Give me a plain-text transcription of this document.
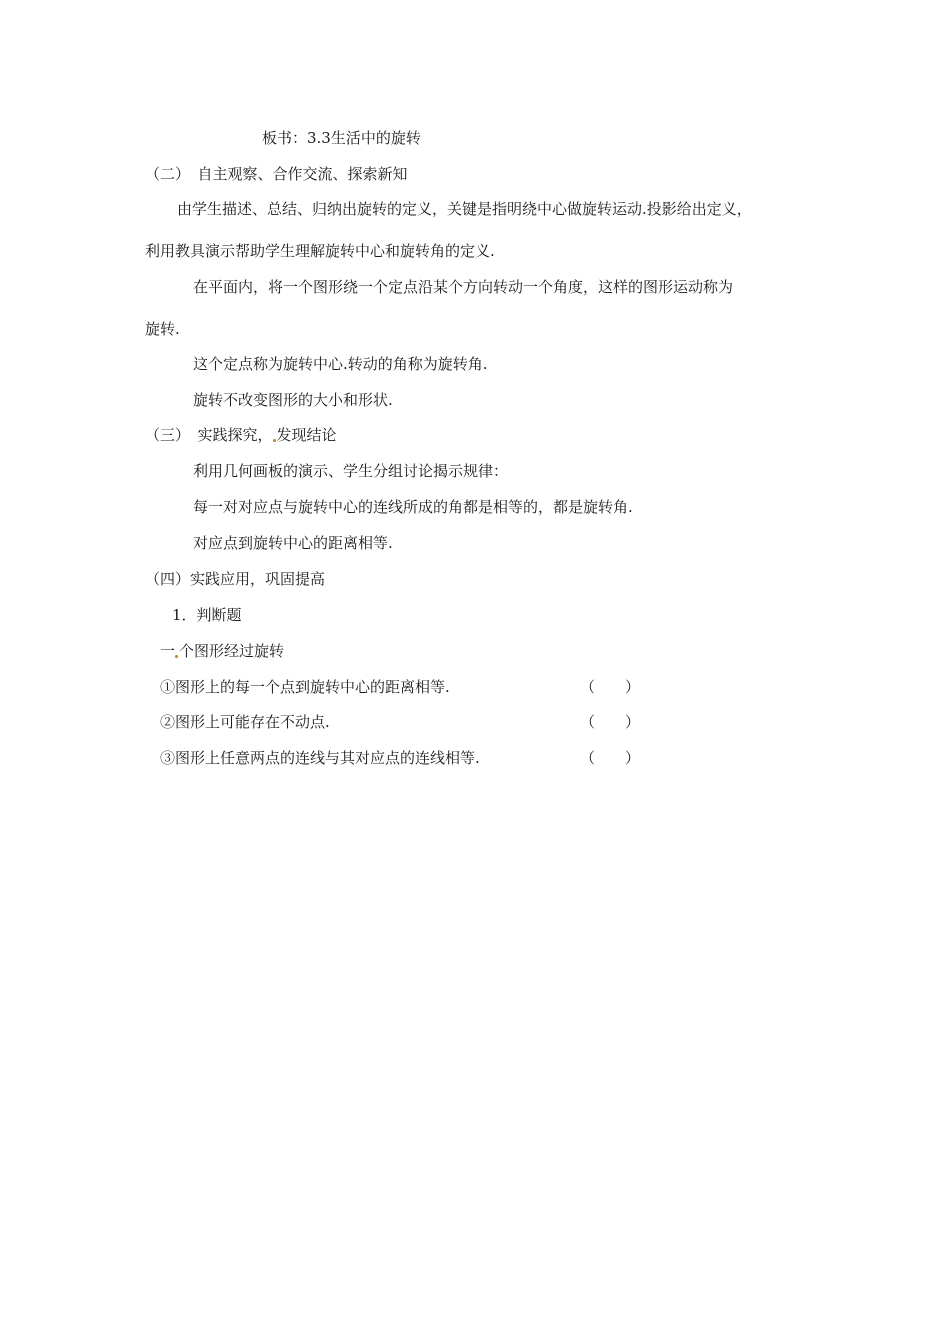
板书：3.3生活中的旋转
（二）　自主观察、合作交流、探索新知
由学生描述、总结、归纳出旋转的定义，关键是指明绕中心做旋转运动.投影给出定义，
利用教具演示帮助学生理解旋转中心和旋转角的定义.
在平面内，将一个图形绕一个定点沿某个方向转动一个角度，这样的图形运动称为
旋转.
这个定点称为旋转中心.转动的角称为旋转角.
旋转不改变图形的大小和形状.
（三）　实践探究， 发现结论
利用几何画板的演示、学生分组讨论揭示规律：
每一对对应点与旋转中心的连线所成的角都是相等的，都是旋转角.
对应点到旋转中心的距离相等.
（四）实践应用，巩固提高
1．判断题
一 个图形经过旋转
①图形上的每一个点到旋转中心的距离相等.	（　　）
②图形上可能存在不动点.	（　　）
③图形上任意两点的连线与其对应点的连线相等.	（　　）
